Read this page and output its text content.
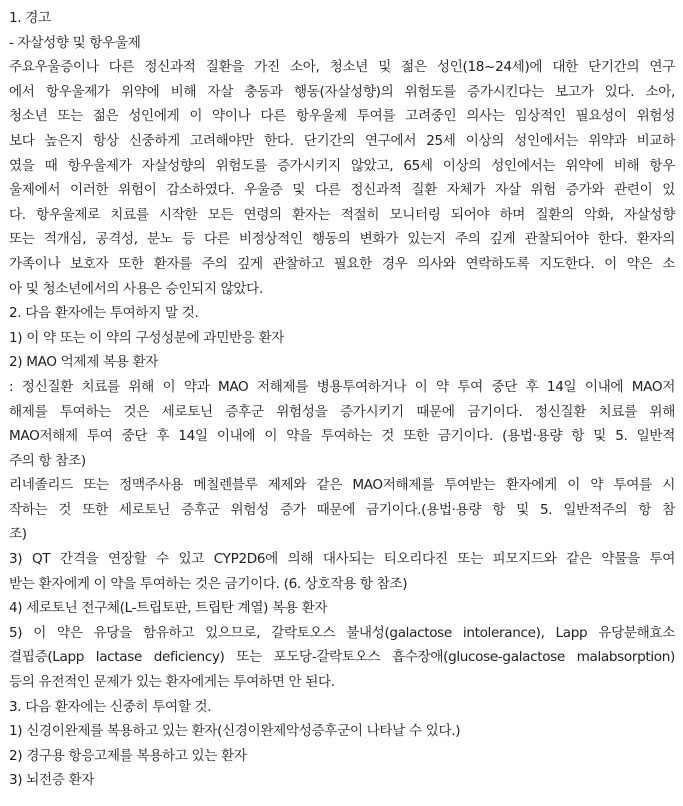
1. 경고
- 자살성향 및 항우울제
주요우울증이나 다른 정신과적 질환을 가진 소아, 청소년 및 젊은 성인(18~24세)에 대한 단기간의 연구
에서 항우울제가 위약에 비해 자살 충동과 행동(자살성향)의 위험도를 증가시킨다는 보고가 있다. 소아,
청소년 또는 젊은 성인에게 이 약이나 다른 항우울제 투여를 고려중인 의사는 임상적인 필요성이 위험성
보다 높은지 항상 신중하게 고려해야만 한다. 단기간의 연구에서 25세 이상의 성인에서는 위약과 비교하
였을 때 항우울제가 자살성향의 위험도를 증가시키지 않았고, 65세 이상의 성인에서는 위약에 비해 항우
울제에서 이러한 위험이 감소하였다. 우울증 및 다른 정신과적 질환 자체가 자살 위험 증가와 관련이 있
다. 항우울제로 치료를 시작한 모든 연령의 환자는 적절히 모니터링 되어야 하며 질환의 악화, 자살성향
또는 적개심, 공격성, 분노 등 다른 비정상적인 행동의 변화가 있는지 주의 깊게 관찰되어야 한다. 환자의
가족이나 보호자 또한 환자를 주의 깊게 관찰하고 필요한 경우 의사와 연락하도록 지도한다. 이 약은 소
아 및 청소년에서의 사용은 승인되지 않았다.
2. 다음 환자에는 투여하지 말 것.
1) 이 약 또는 이 약의 구성성분에 과민반응 환자
2) MAO 억제제 복용 환자
: 정신질환 치료를 위해 이 약과 MAO 저해제를 병용투여하거나 이 약 투여 중단 후 14일 이내에 MAO저
해제를 투여하는 것은 세로토닌 증후군 위험성을 증가시키기 때문에 금기이다. 정신질환 치료를 위해
MAO저해제 투여 중단 후 14일 이내에 이 약을 투여하는 것 또한 금기이다. (용법·용량 항 및 5. 일반적
주의 항 참조)
리네졸리드 또는 정맥주사용 메칠렌블루 제제와 같은 MAO저해제를 투여받는 환자에게 이 약 투여를 시
작하는 것 또한 세로토닌 증후군 위험성 증가 때문에 금기이다.(용법·용량 항 및 5. 일반적주의 항 참
조)
3) QT 간격을 연장할 수 있고 CYP2D6에 의해 대사되는 티오리다진 또는 피모지드와 같은 약물을 투여
받는 환자에게 이 약을 투여하는 것은 금기이다. (6. 상호작용 항 참조)
4) 세로토닌 전구체(L-트립토판, 트립탄 계열) 복용 환자
5) 이 약은 유당을 함유하고 있으므로, 갈락토오스 불내성(galactose intolerance), Lapp 유당분해효소
결핍증(Lapp lactase deficiency) 또는 포도당-갈락토오스 흡수장애(glucose-galactose malabsorption)
등의 유전적인 문제가 있는 환자에게는 투여하면 안 된다.
3. 다음 환자에는 신중히 투여할 것.
1) 신경이완제를 복용하고 있는 환자(신경이완제악성증후군이 나타날 수 있다.)
2) 경구용 항응고제를 복용하고 있는 환자
3) 뇌전증 환자
